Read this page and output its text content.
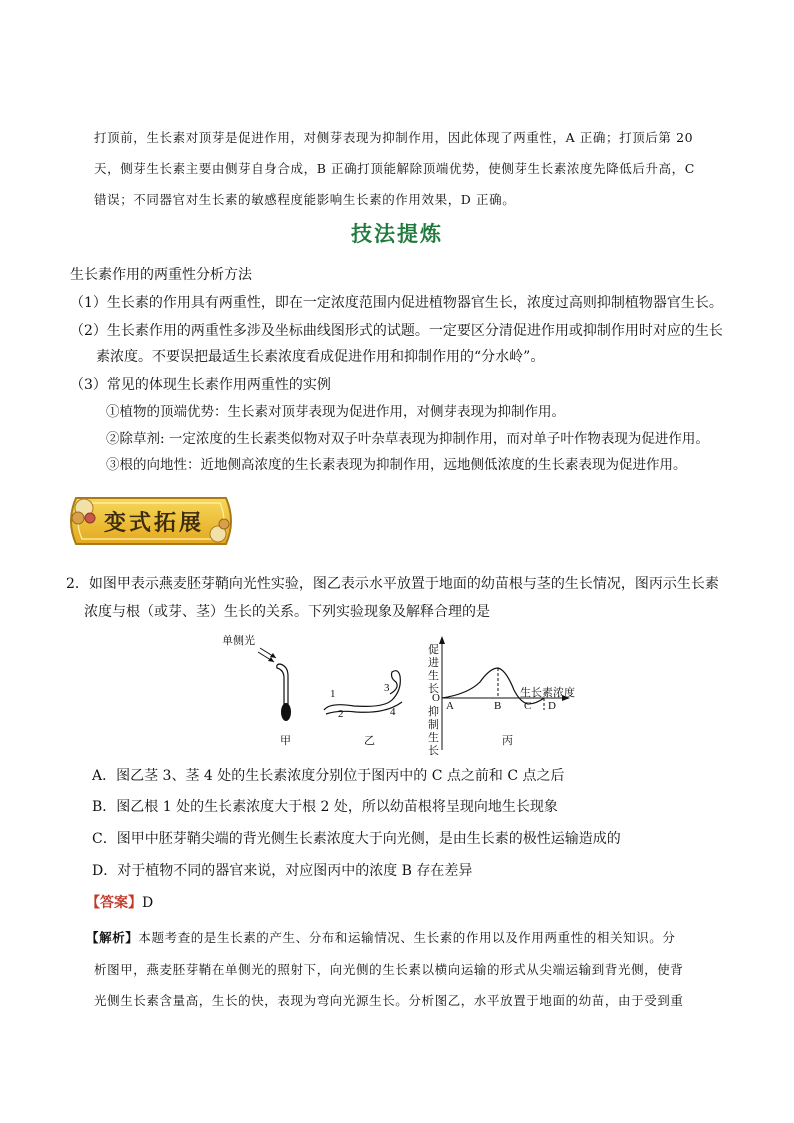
打顶前，生长素对顶芽是促进作用，对侧芽表现为抑制作用，因此体现了两重性，A 正确；打顶后第 20
天，侧芽生长素主要由侧芽自身合成，B 正确打顶能解除顶端优势，使侧芽生长素浓度先降低后升高，C
错误；不同器官对生长素的敏感程度能影响生长素的作用效果，D 正确。
技法提炼
生长素作用的两重性分析方法
（1）生长素的作用具有两重性，即在一定浓度范围内促进植物器官生长，浓度过高则抑制植物器官生长。
（2）生长素作用的两重性多涉及坐标曲线图形式的试题。一定要区分清促进作用或抑制作用时对应的生长
素浓度。不要误把最适生长素浓度看成促进作用和抑制作用的“分水岭”。
（3）常见的体现生长素作用两重性的实例
①植物的顶端优势：生长素对顶芽表现为促进作用，对侧芽表现为抑制作用。
②除草剂: 一定浓度的生长素类似物对双子叶杂草表现为抑制作用，而对单子叶作物表现为促进作用。
③根的向地性：近地侧高浓度的生长素表现为抑制作用，远地侧低浓度的生长素表现为促进作用。
变式拓展
2．如图甲表示燕麦胚芽鞘向光性实验，图乙表示水平放置于地面的幼苗根与茎的生长情况，图丙示生长素
浓度与根（或芽、茎）生长的关系。下列实验现象及解释合理的是
单侧光
甲	乙	丙
1
2
3
4
促进生长
O
抑制生长
生长素浓度
A	B C D
A．图乙茎 3、茎 4 处的生长素浓度分别位于图丙中的 C 点之前和 C 点之后
B．图乙根 1 处的生长素浓度大于根 2 处，所以幼苗根将呈现向地生长现象
C．图甲中胚芽鞘尖端的背光侧生长素浓度大于向光侧，是由生长素的极性运输造成的
D．对于植物不同的器官来说，对应图丙中的浓度 B 存在差异
【答案】D
【解析】本题考查的是生长素的产生、分布和运输情况、生长素的作用以及作用两重性的相关知识。分
析图甲，燕麦胚芽鞘在单侧光的照射下，向光侧的生长素以横向运输的形式从尖端运输到背光侧，使背
光侧生长素含量高，生长的快，表现为弯向光源生长。分析图乙，水平放置于地面的幼苗，由于受到重
